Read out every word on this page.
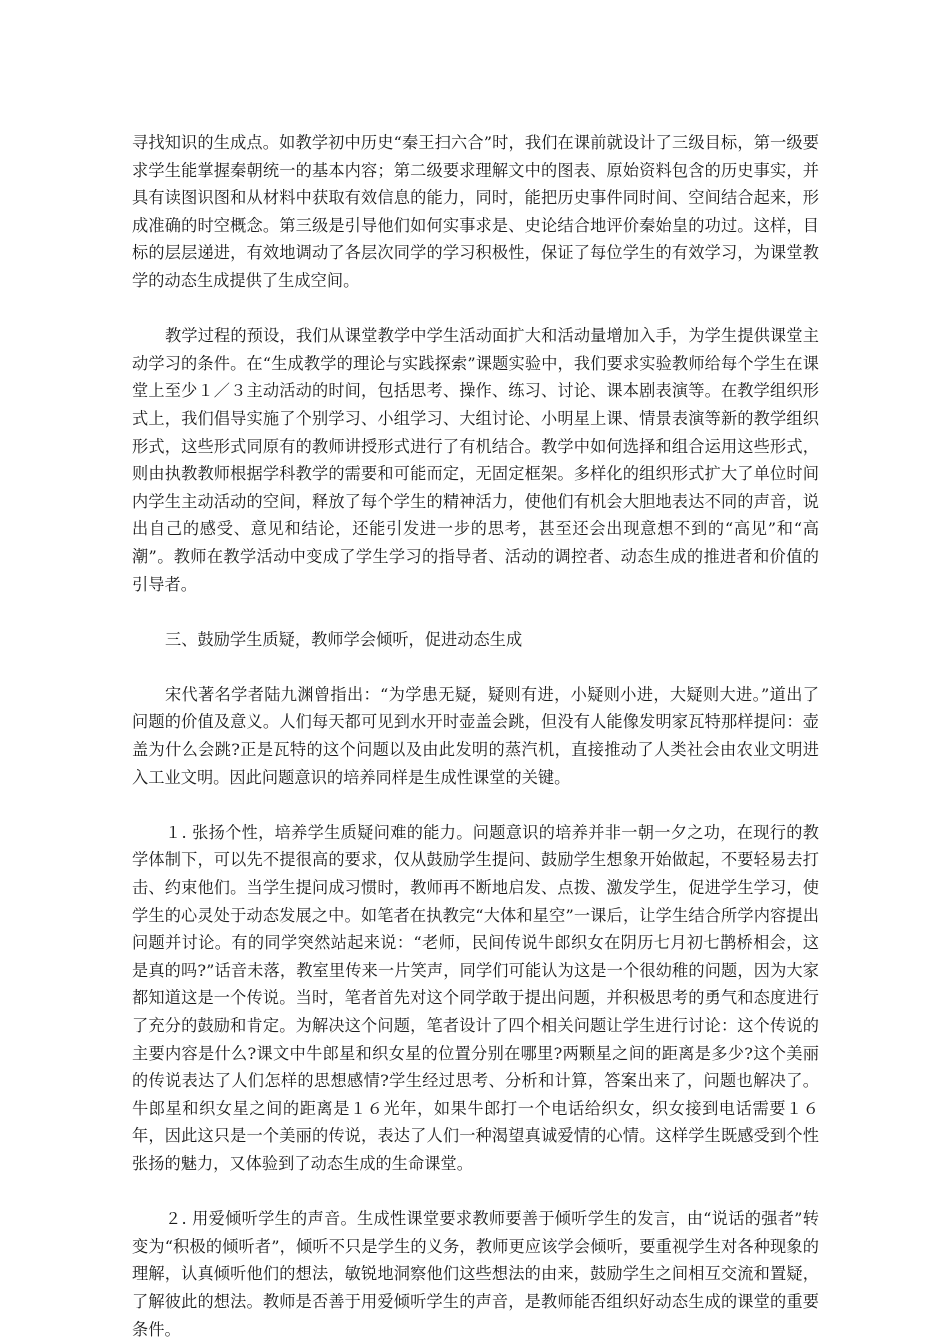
寻找知识的生成点。如教学初中历史“秦王扫六合”时，我们在课前就设计了三级目标，第一级要求学生能掌握秦朝统一的基本内容；第二级要求理解文中的图表、原始资料包含的历史事实，并具有读图识图和从材料中获取有效信息的能力，同时，能把历史事件同时间、空间结合起来，形成准确的时空概念。第三级是引导他们如何实事求是、史论结合地评价秦始皇的功过。这样，目标的层层递进，有效地调动了各层次同学的学习积极性，保证了每位学生的有效学习，为课堂教学的动态生成提供了生成空间。

教学过程的预设，我们从课堂教学中学生活动面扩大和活动量增加入手，为学生提供课堂主动学习的条件。在“生成教学的理论与实践探索”课题实验中，我们要求实验教师给每个学生在课堂上至少１／３主动活动的时间，包括思考、操作、练习、讨论、课本剧表演等。在教学组织形式上，我们倡导实施了个别学习、小组学习、大组讨论、小明星上课、情景表演等新的教学组织形式，这些形式同原有的教师讲授形式进行了有机结合。教学中如何选择和组合运用这些形式，则由执教教师根据学科教学的需要和可能而定，无固定框架。多样化的组织形式扩大了单位时间内学生主动活动的空间，释放了每个学生的精神活力，使他们有机会大胆地表达不同的声音，说出自己的感受、意见和结论，还能引发进一步的思考，甚至还会出现意想不到的“高见”和“高潮”。教师在教学活动中变成了学生学习的指导者、活动的调控者、动态生成的推进者和价值的引导者。

三、鼓励学生质疑，教师学会倾听，促进动态生成

宋代著名学者陆九渊曾指出：“为学患无疑，疑则有进，小疑则小进，大疑则大进。”道出了问题的价值及意义。人们每天都可见到水开时壶盖会跳，但没有人能像发明家瓦特那样提问：壶盖为什么会跳?正是瓦特的这个问题以及由此发明的蒸汽机，直接推动了人类社会由农业文明进入工业文明。因此问题意识的培养同样是生成性课堂的关键。

１. 张扬个性，培养学生质疑问难的能力。问题意识的培养并非一朝一夕之功，在现行的教学体制下，可以先不提很高的要求，仅从鼓励学生提问、鼓励学生想象开始做起，不要轻易去打击、约束他们。当学生提问成习惯时，教师再不断地启发、点拨、激发学生，促进学生学习，使学生的心灵处于动态发展之中。如笔者在执教完“大体和星空”一课后，让学生结合所学内容提出问题并讨论。有的同学突然站起来说：“老师，民间传说牛郎织女在阴历七月初七鹊桥相会，这是真的吗?”话音未落，教室里传来一片笑声，同学们可能认为这是一个很幼稚的问题，因为大家都知道这是一个传说。当时，笔者首先对这个同学敢于提出问题，并积极思考的勇气和态度进行了充分的鼓励和肯定。为解决这个问题，笔者设计了四个相关问题让学生进行讨论：这个传说的主要内容是什么?课文中牛郎星和织女星的位置分别在哪里?两颗星之间的距离是多少?这个美丽的传说表达了人们怎样的思想感情?学生经过思考、分析和计算，答案出来了，问题也解决了。牛郎星和织女星之间的距离是１６光年，如果牛郎打一个电话给织女，织女接到电话需要１６年，因此这只是一个美丽的传说，表达了人们一种渴望真诚爱情的心情。这样学生既感受到个性张扬的魅力，又体验到了动态生成的生命课堂。

２. 用爱倾听学生的声音。生成性课堂要求教师要善于倾听学生的发言，由“说话的强者”转变为“积极的倾听者”，倾听不只是学生的义务，教师更应该学会倾听，要重视学生对各种现象的理解，认真倾听他们的想法，敏锐地洞察他们这些想法的由来，鼓励学生之间相互交流和置疑，了解彼此的想法。教师是否善于用爱倾听学生的声音，是教师能否组织好动态生成的课堂的重要条件。
